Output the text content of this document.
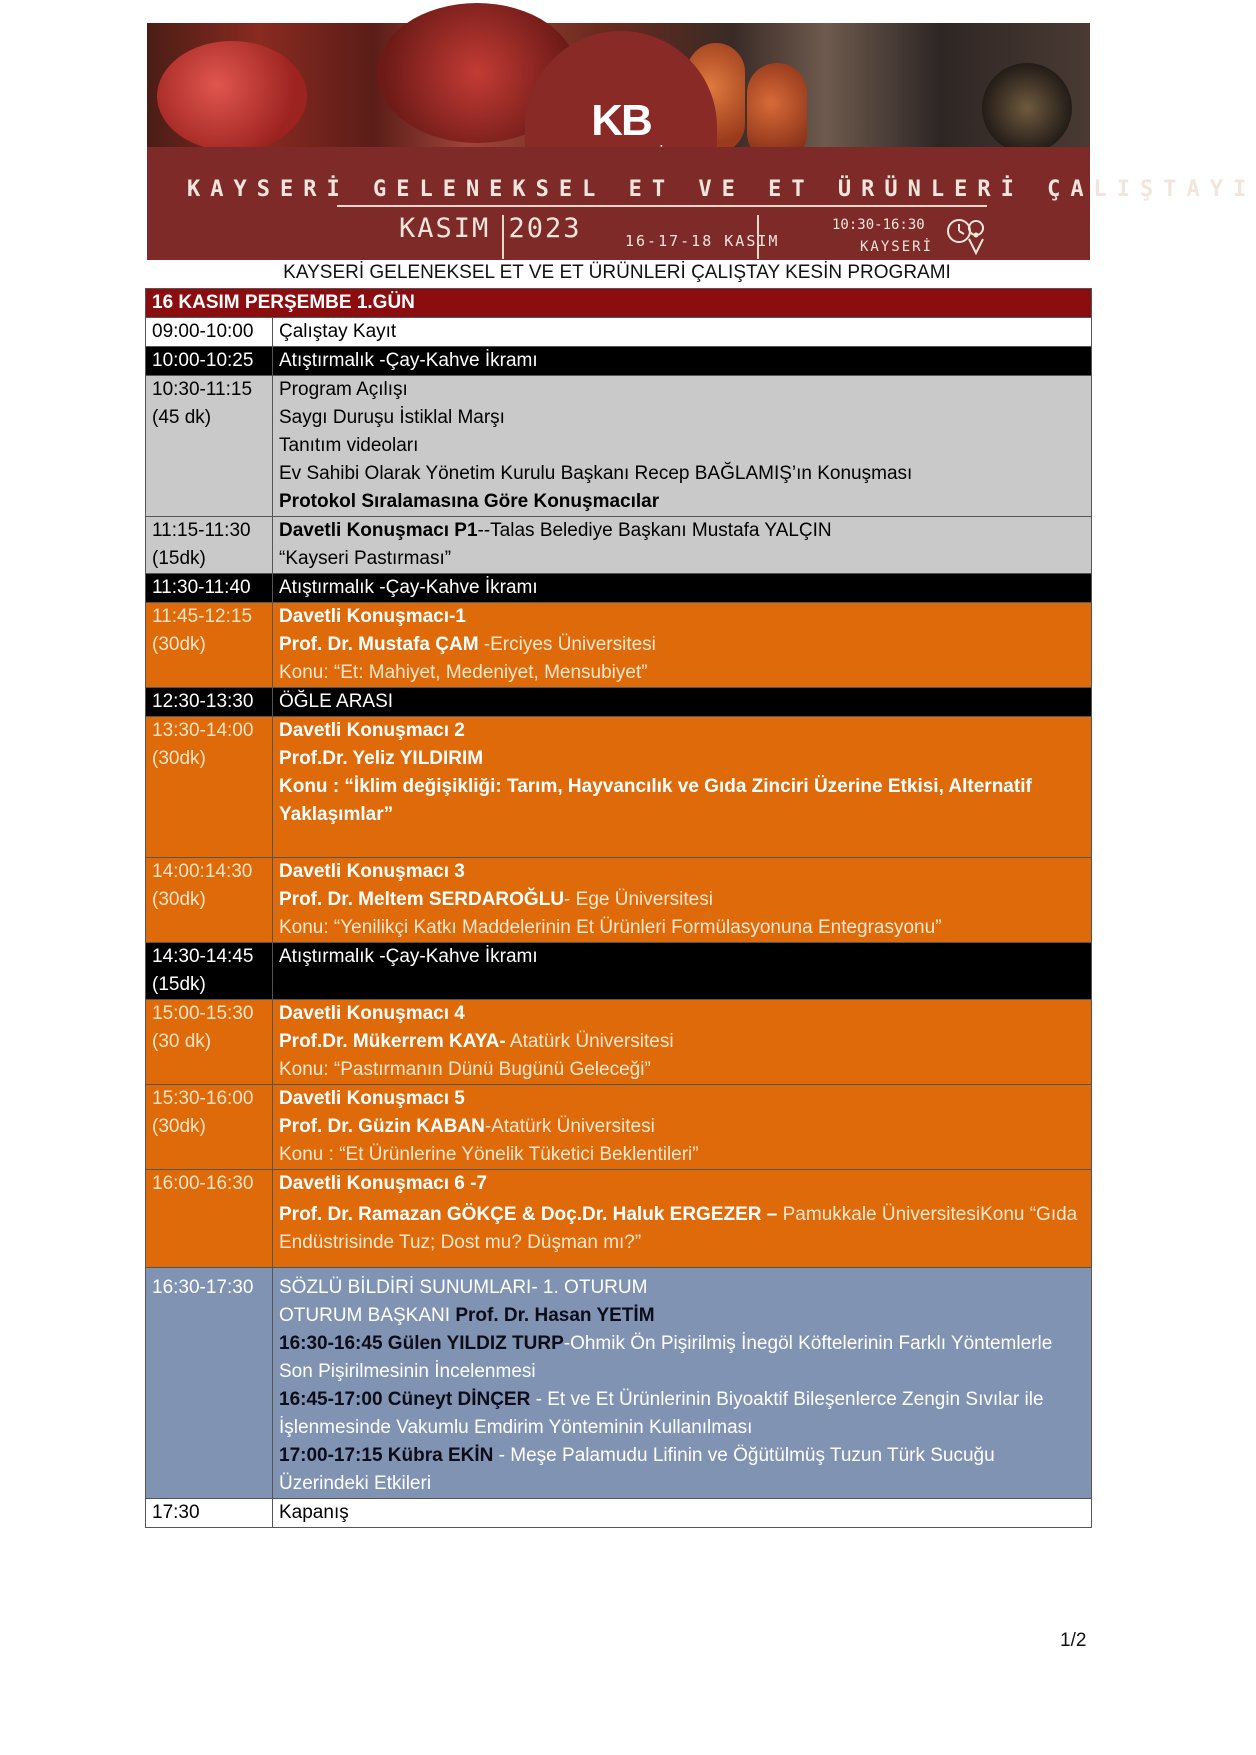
KB
KAYSERİ GELENEKSEL ET VE ET ÜRÜNLERİ ÇALIŞTAYI
KASIM 2023	16-17-18 KASIM
10:30-16:30
KAYSERİ
KAYSERİ GELENEKSEL ET VE ET ÜRÜNLERİ ÇALIŞTAY KESİN PROGRAMI
16 KASIM PERŞEMBE 1.GÜN	
09:00-10:00	Çalıştay Kayıt
10:00-10:25	Atıştırmalık -Çay-Kahve İkramı

10:30-11:15
(45 dk)	Program Açılışı
Saygı Duruşu İstiklal Marşı
Tanıtım videoları
Ev Sahibi Olarak Yönetim Kurulu Başkanı Recep BAĞLAMIŞ’ın Konuşması
Protokol Sıralamasına Göre Konuşmacılar

11:15-11:30
(15dk)	Davetli Konuşmacı P1--Talas Belediye Başkanı Mustafa YALÇIN
“Kayseri Pastırması”

11:30-11:40	Atıştırmalık -Çay-Kahve İkramı

11:45-12:15
(30dk)	Davetli Konuşmacı-1
Prof. Dr. Mustafa ÇAM -Erciyes Üniversitesi
Konu: “Et: Mahiyet, Medeniyet, Mensubiyet”

12:30-13:30	ÖĞLE ARASI

13:30-14:00
(30dk)	Davetli Konuşmacı 2
Prof.Dr. Yeliz YILDIRIM
Konu : “İklim değişikliği: Tarım, Hayvancılık ve Gıda Zinciri Üzerine Etkisi, Alternatif Yaklaşımlar”

14:00:14:30
(30dk)	Davetli Konuşmacı 3
Prof. Dr. Meltem SERDAROĞLU- Ege Üniversitesi
Konu: “Yenilikçi Katkı Maddelerinin Et Ürünleri Formülasyonuna Entegrasyonu”

14:30-14:45
(15dk)	Atıştırmalık -Çay-Kahve İkramı

15:00-15:30
(30 dk)	Davetli Konuşmacı 4
Prof.Dr. Mükerrem KAYA- Atatürk Üniversitesi
Konu: “Pastırmanın Dünü Bugünü Geleceği”

15:30-16:00
(30dk)	Davetli Konuşmacı 5
Prof. Dr. Güzin KABAN-Atatürk Üniversitesi
Konu : “Et Ürünlerine Yönelik Tüketici Beklentileri”

16:00-16:30	Davetli Konuşmacı 6 -7
Prof. Dr. Ramazan GÖKÇE & Doç.Dr. Haluk ERGEZER – Pamukkale ÜniversitesiKonu “Gıda Endüstrisinde Tuz; Dost mu? Düşman mı?”

16:30-17:30	SÖZLÜ BİLDİRİ SUNUMLARI- 1. OTURUM
OTURUM BAŞKANI Prof. Dr. Hasan YETİM
16:30-16:45 Gülen YILDIZ TURP-Ohmik Ön Pişirilmiş İnegöl Köftelerinin Farklı Yöntemlerle Son Pişirilmesinin İncelenmesi
16:45-17:00 Cüneyt DİNÇER - Et ve Et Ürünlerinin Biyoaktif Bileşenlerce Zengin Sıvılar ile İşlenmesinde Vakumlu Emdirim Yönteminin Kullanılması
17:00-17:15 Kübra EKİN - Meşe Palamudu Lifinin ve Öğütülmüş Tuzun Türk Sucuğu Üzerindeki Etkileri

17:30	Kapanış
1/2
